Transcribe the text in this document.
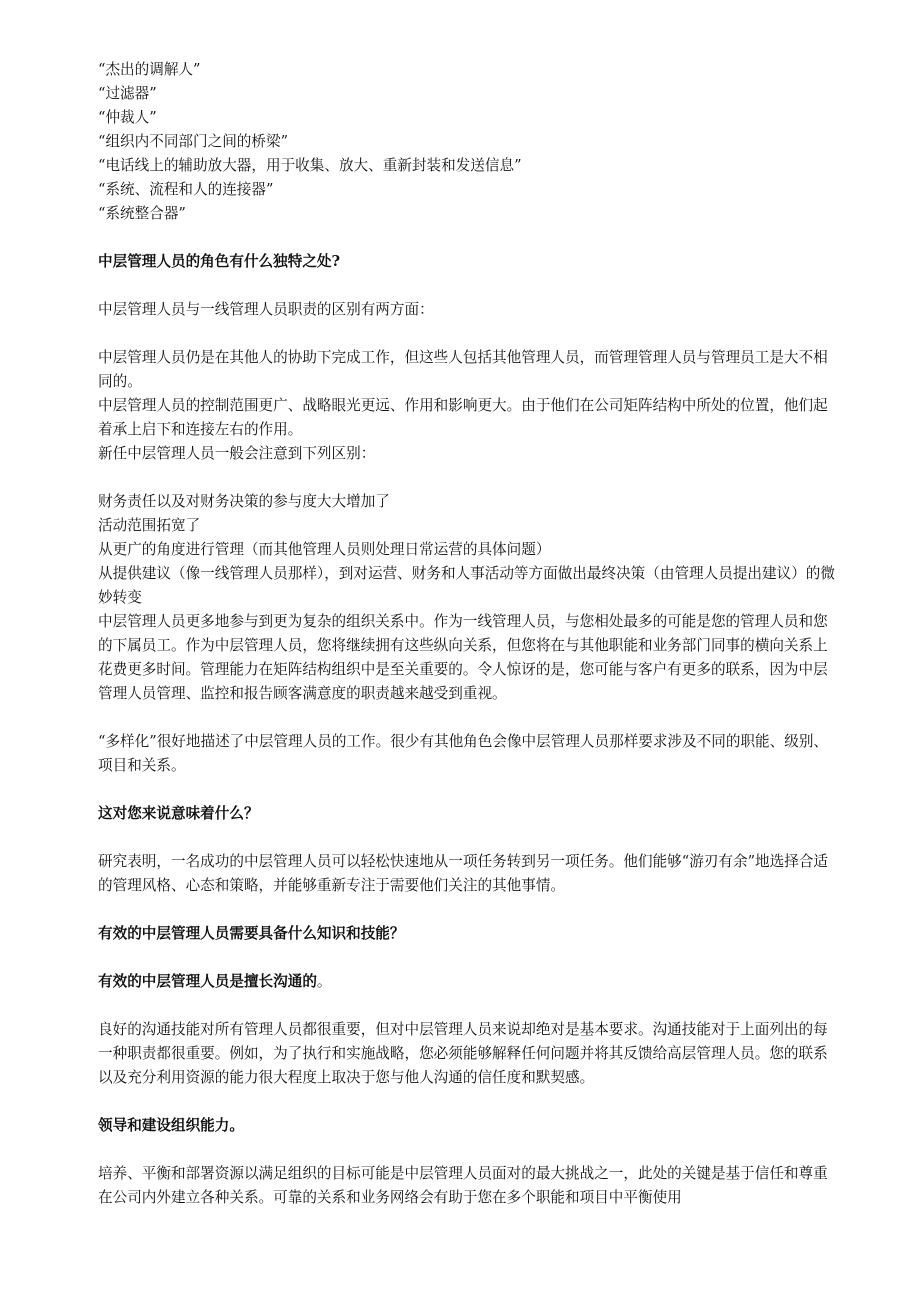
“杰出的调解人”

“过滤器”

“仲裁人”

“组织内不同部门之间的桥梁”

“电话线上的辅助放大器，用于收集、放大、重新封装和发送信息”

“系统、流程和人的连接器”

“系统整合器”

中层管理人员的角色有什么独特之处?

中层管理人员与一线管理人员职责的区别有两方面：

中层管理人员仍是在其他人的协助下完成工作，但这些人包括其他管理人员，而管理管理人员与管理员工是大不相同的。

中层管理人员的控制范围更广、战略眼光更远、作用和影响更大。由于他们在公司矩阵结构中所处的位置，他们起着承上启下和连接左右的作用。

新任中层管理人员一般会注意到下列区别：

财务责任以及对财务决策的参与度大大增加了

活动范围拓宽了

从更广的角度进行管理（而其他管理人员则处理日常运营的具体问题）

从提供建议（像一线管理人员那样），到对运营、财务和人事活动等方面做出最终决策（由管理人员提出建议）的微妙转变

中层管理人员更多地参与到更为复杂的组织关系中。作为一线管理人员，与您相处最多的可能是您的管理人员和您的下属员工。作为中层管理人员，您将继续拥有这些纵向关系，但您将在与其他职能和业务部门同事的横向关系上花费更多时间。管理能力在矩阵结构组织中是至关重要的。令人惊讶的是，您可能与客户有更多的联系，因为中层管理人员管理、监控和报告顾客满意度的职责越来越受到重视。

“多样化”很好地描述了中层管理人员的工作。很少有其他角色会像中层管理人员那样要求涉及不同的职能、级别、项目和关系。

这对您来说意味着什么？

研究表明，一名成功的中层管理人员可以轻松快速地从一项任务转到另一项任务。他们能够“游刃有余”地选择合适的管理风格、心态和策略，并能够重新专注于需要他们关注的其他事情。

有效的中层管理人员需要具备什么知识和技能？

有效的中层管理人员是擅长沟通的。

良好的沟通技能对所有管理人员都很重要，但对中层管理人员来说却绝对是基本要求。沟通技能对于上面列出的每一种职责都很重要。例如，为了执行和实施战略，您必须能够解释任何问题并将其反馈给高层管理人员。您的联系以及充分利用资源的能力很大程度上取决于您与他人沟通的信任度和默契感。

领导和建设组织能力。

培养、平衡和部署资源以满足组织的目标可能是中层管理人员面对的最大挑战之一，此处的关键是基于信任和尊重在公司内外建立各种关系。可靠的关系和业务网络会有助于您在多个职能和项目中平衡使用
